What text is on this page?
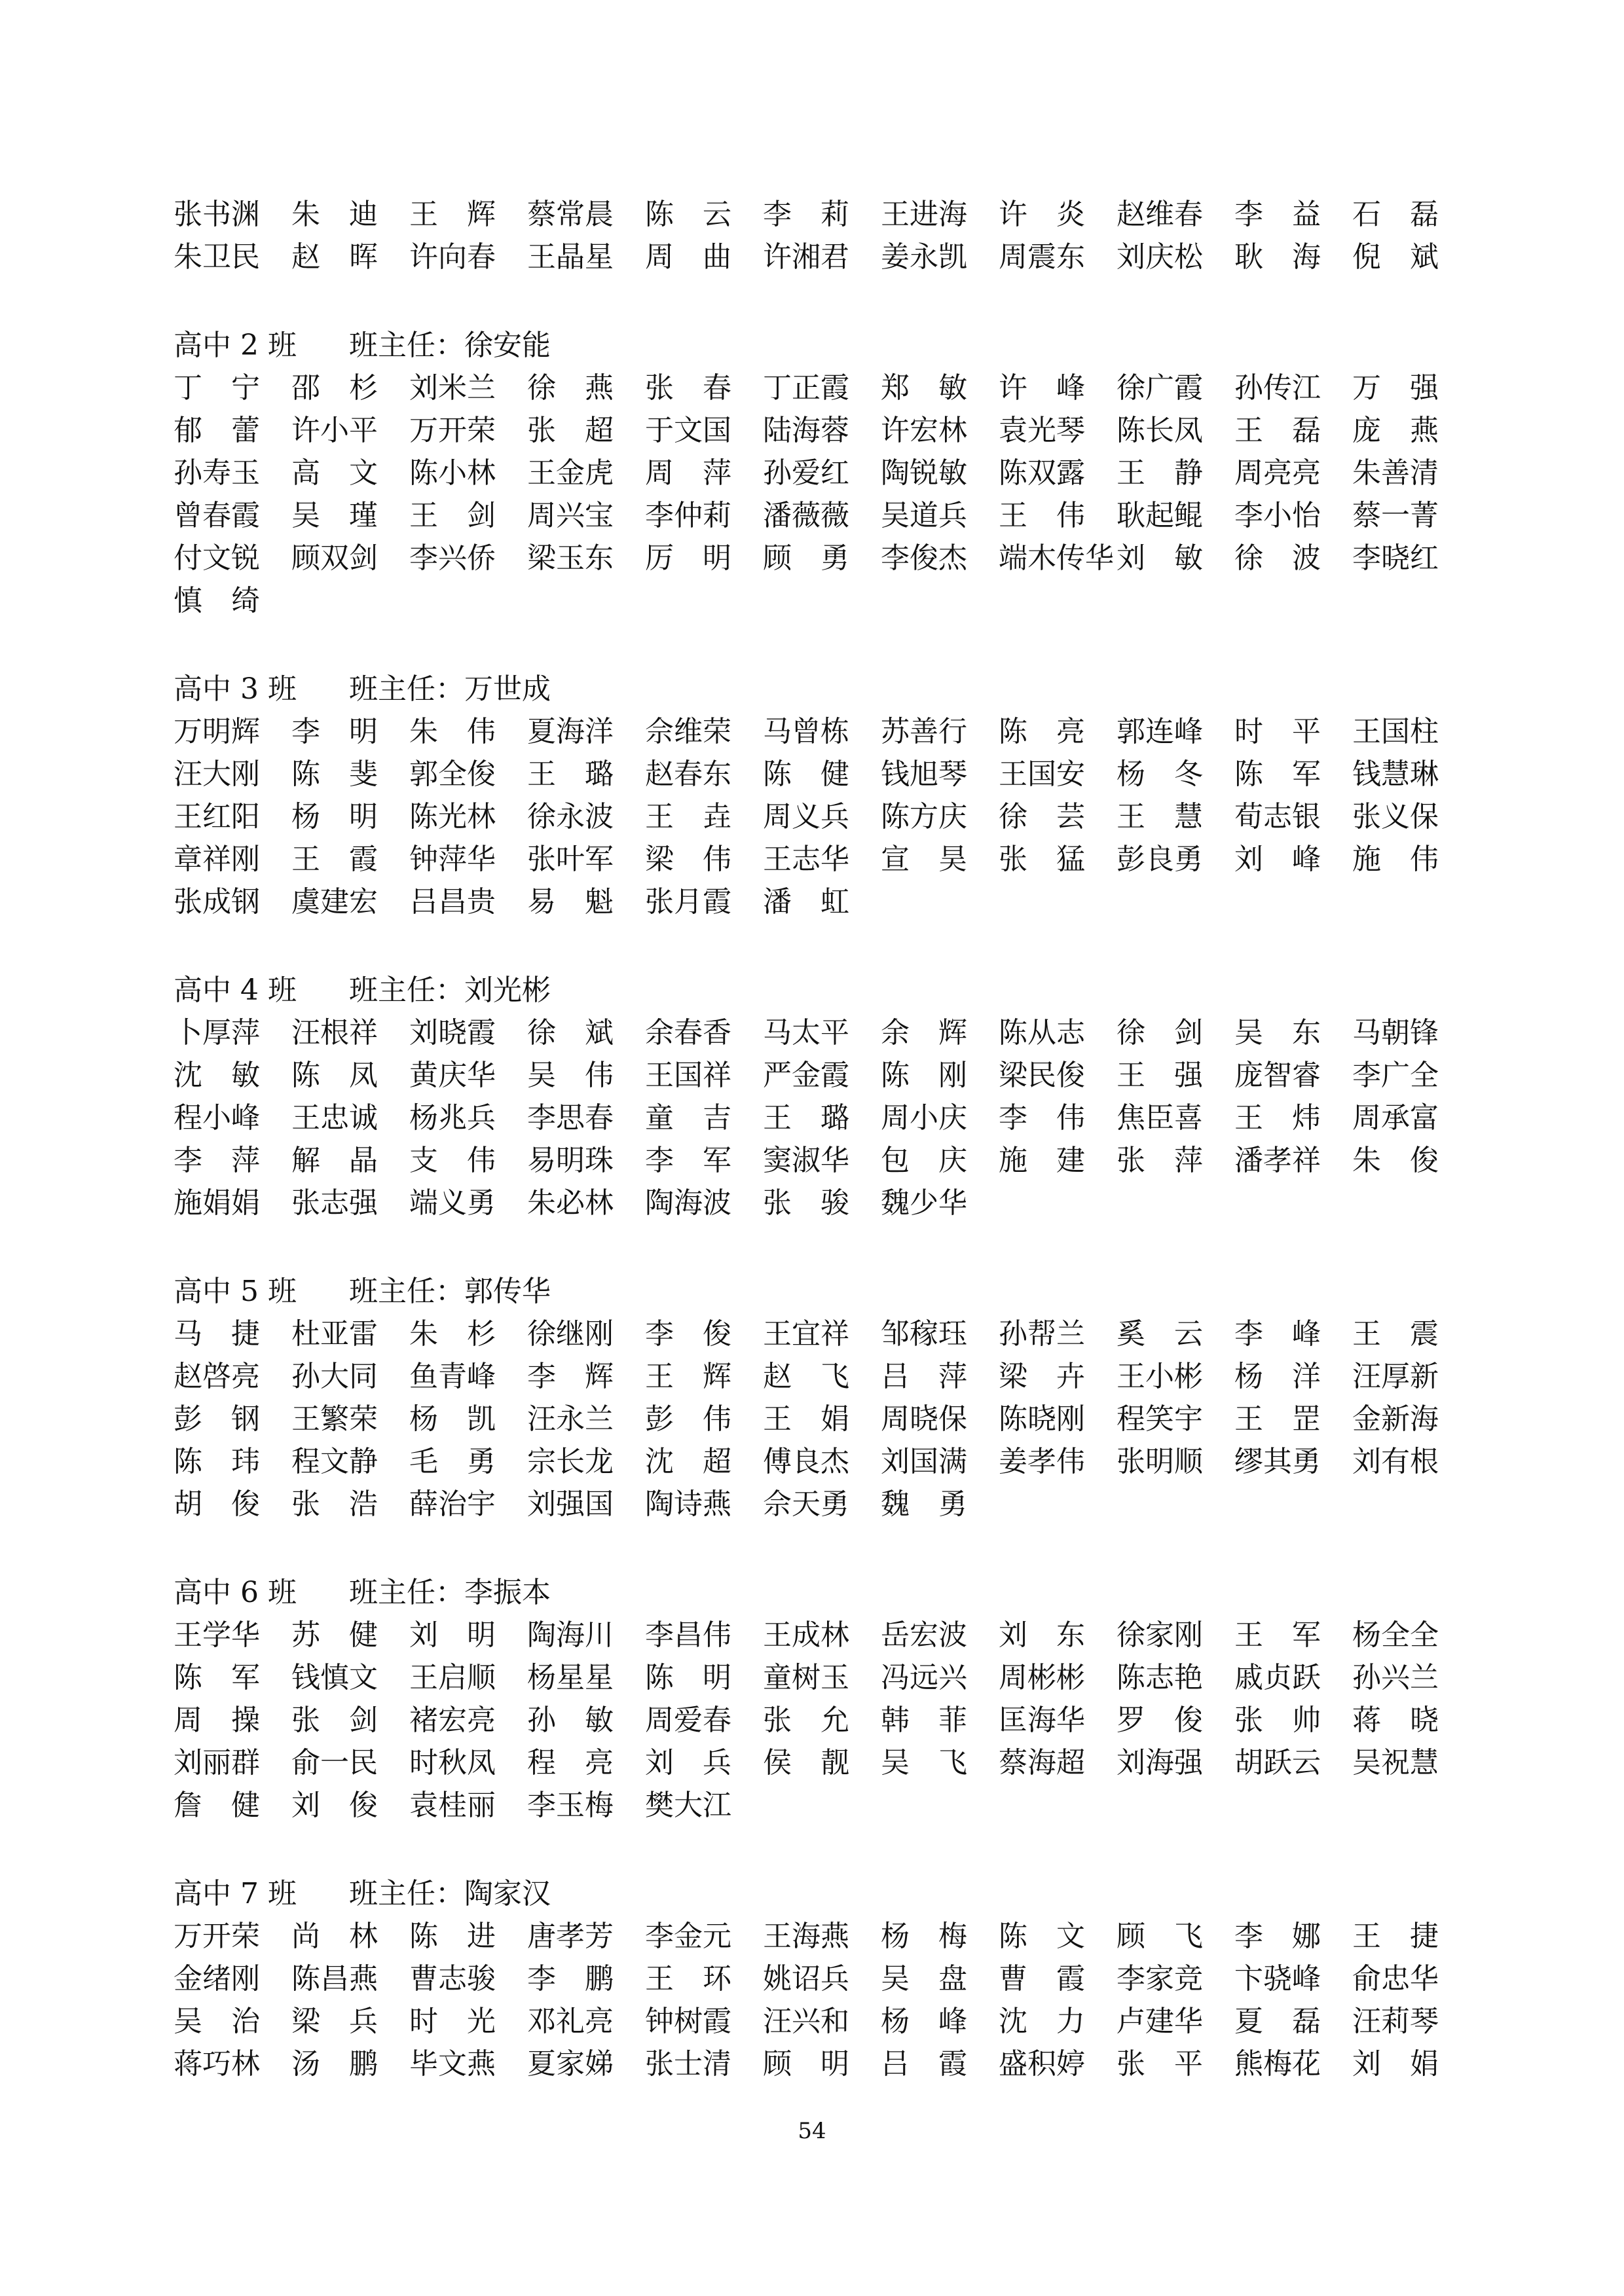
张书渊	朱　迪	王　辉	蔡常晨	陈　云	李　莉	王进海	许　炎	赵维春	李　益	石　磊
朱卫民	赵　晖	许向春	王晶星	周　曲	许湘君	姜永凯	周震东	刘庆松	耿　海	倪　斌
高中 2 班 班主任：徐安能
丁　宁	邵　杉	刘米兰	徐　燕	张　春	丁正霞	郑　敏	许　峰	徐广霞	孙传江	万　强
郁　蕾	许小平	万开荣	张　超	于文国	陆海蓉	许宏林	袁光琴	陈长凤	王　磊	庞　燕
孙寿玉	高　文	陈小林	王金虎	周　萍	孙爱红	陶锐敏	陈双露	王　静	周亮亮	朱善清
曾春霞	吴　瑾	王　剑	周兴宝	李仲莉	潘薇薇	吴道兵	王　伟	耿起鲲	李小怡	蔡一菁
付文锐	顾双剑	李兴侨	梁玉东	厉　明	顾　勇	李俊杰	端木传华 刘　敏	徐　波	李晓红
慎　绮
高中 3 班 班主任：万世成
万明辉	李　明	朱　伟	夏海洋	佘维荣	马曾栋	苏善行	陈　亮	郭连峰	时　平	王国柱
汪大刚	陈　斐	郭全俊	王　璐	赵春东	陈　健	钱旭琴	王国安	杨　冬	陈　军	钱慧琳
王红阳	杨　明	陈光林	徐永波	王　垚	周义兵	陈方庆	徐　芸	王　慧	荀志银	张义保
章祥刚	王　霞	钟萍华	张叶军	梁　伟	王志华	宣　昊	张　猛	彭良勇	刘　峰	施　伟
张成钢	虞建宏	吕昌贵	易　魁	张月霞	潘　虹
高中 4 班 班主任：刘光彬
卜厚萍	汪根祥	刘晓霞	徐　斌	余春香	马太平	余　辉	陈从志	徐　剑	吴　东	马朝锋
沈　敏	陈　凤	黄庆华	吴　伟	王国祥	严金霞	陈　刚	梁民俊	王　强	庞智睿	李广全
程小峰	王忠诚	杨兆兵	李思春	童　吉	王　璐	周小庆	李　伟	焦臣喜	王　炜	周承富
李　萍	解　晶	支　伟	易明珠	李　军	窦淑华	包　庆	施　建	张　萍	潘孝祥	朱　俊
施娟娟	张志强	端义勇	朱必林	陶海波	张　骏	魏少华
高中 5 班 班主任：郭传华
马　捷	杜亚雷	朱　杉	徐继刚	李　俊	王宜祥	邹稼珏	孙帮兰	奚　云	李　峰	王　震
赵啓亮	孙大同	鱼青峰	李　辉	王　辉	赵　飞	吕　萍	梁　卉	王小彬	杨　洋	汪厚新
彭　钢	王繁荣	杨　凯	汪永兰	彭　伟	王　娟	周晓保	陈晓刚	程笑宇	王　罡	金新海
陈　玮	程文静	毛　勇	宗长龙	沈　超	傅良杰	刘国满	姜孝伟	张明顺	缪其勇	刘有根
胡　俊	张　浩	薛治宇	刘强国	陶诗燕	佘天勇	魏　勇
高中 6 班 班主任：李振本
王学华	苏　健	刘　明	陶海川	李昌伟	王成林	岳宏波	刘　东	徐家刚	王　军	杨全全
陈　军	钱慎文	王启顺	杨星星	陈　明	童树玉	冯远兴	周彬彬	陈志艳	戚贞跃	孙兴兰
周　操	张　剑	褚宏亮	孙　敏	周爱春	张　允	韩　菲	匡海华	罗　俊	张　帅	蒋　晓
刘丽群	俞一民	时秋凤	程　亮	刘　兵	侯　靓	吴　飞	蔡海超	刘海强	胡跃云	吴祝慧
詹　健	刘　俊	袁桂丽	李玉梅	樊大江
高中 7 班 班主任：陶家汉
万开荣	尚　林	陈　进	唐孝芳	李金元	王海燕	杨　梅	陈　文	顾　飞	李　娜	王　捷
金绪刚	陈昌燕	曹志骏	李　鹏	王　环	姚诏兵	吴　盘	曹　霞	李家竞	卞骁峰	俞忠华
吴　治	梁　兵	时　光	邓礼亮	钟树霞	汪兴和	杨　峰	沈　力	卢建华	夏　磊	汪莉琴
蒋巧林	汤　鹏	毕文燕	夏家娣	张士清	顾　明	吕　霞	盛积婷	张　平	熊梅花	刘　娟
54
